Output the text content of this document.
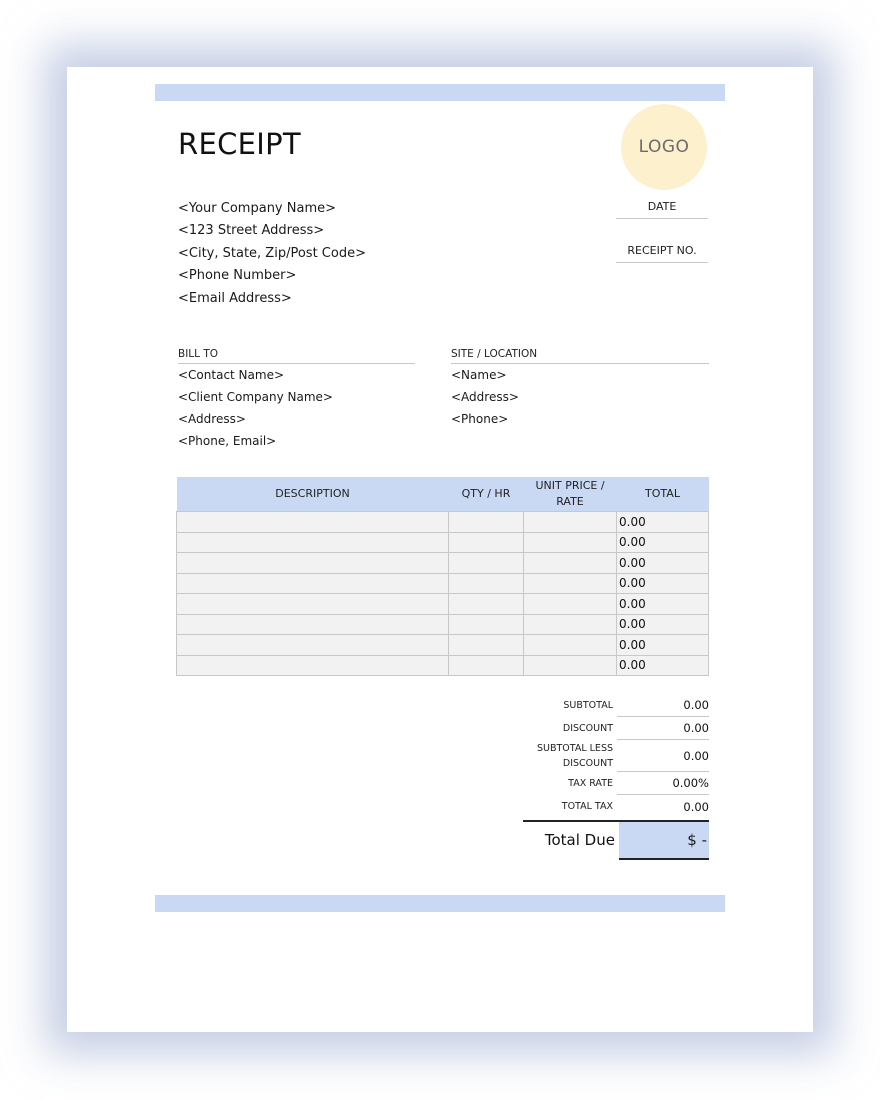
RECEIPT	LOGO
DATE
RECEIPT NO.
<Your Company Name>
<123 Street Address>
<City, State, Zip/Post Code>
<Phone Number>
<Email Address>
BILL TO
<Contact Name>
<Client Company Name>
<Address>
<Phone, Email>
SITE / LOCATION
<Name>
<Address>
<Phone>
DESCRIPTION	QTY / HR	UNIT PRICE /
RATE	TOTAL
			0.00
			0.00
			0.00
			0.00
			0.00
			0.00
			0.00
			0.00
SUBTOTAL	0.00
DISCOUNT	0.00
SUBTOTAL LESS
DISCOUNT
0.00
TAX RATE	0.00%
TOTAL TAX	0.00
Total Due	$ -
